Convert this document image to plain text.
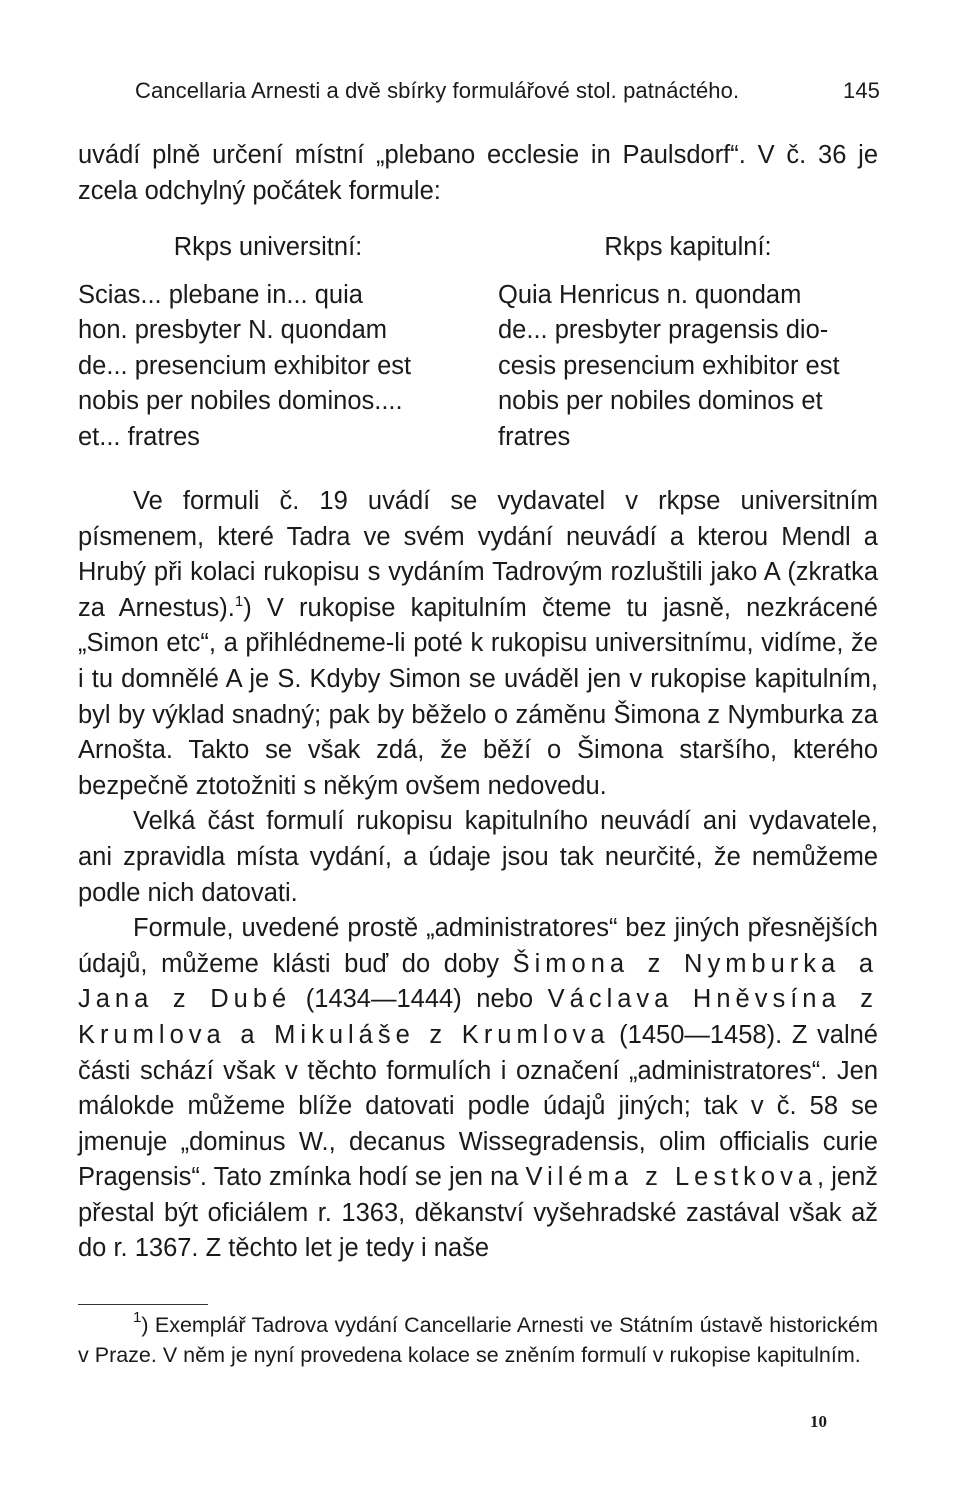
Cancellaria Arnesti a dvě sbírky formulářové stol. patnáctého.	145
uvádí plně určení místní „plebano ecclesie in Paulsdorf“. V č. 36 je zcela odchylný počátek formule:
Rkps universitní:
Scias... plebane in... quia
hon. presbyter N. quondam
de... presencium exhibitor est
nobis per nobiles dominos....
et... fratres
Rkps kapitulní:
Quia Henricus n. quondam
de... presbyter pragensis dio-
cesis presencium exhibitor est
nobis per nobiles dominos et
fratres

Ve formuli č. 19 uvádí se vydavatel v rkpse universitním písmenem, které Tadra ve svém vydání neuvádí a kterou Mendl a Hrubý při kolaci rukopisu s vydáním Tadrovým rozluštili jako A (zkratka za Arnestus).$^1$) V rukopise kapitulním čteme tu jasně, nezkrácené „Simon etc“, a přihlédneme-li poté k rukopisu universitnímu, vidíme, že i tu domnělé A je S. Kdyby Simon se uváděl jen v rukopise kapitulním, byl by výklad snadný; pak by běželo o záměnu Šimona z Nymburka za Arnošta. Takto se však zdá, že běží o Šimona staršího, kterého bezpečně ztotožniti s někým ovšem nedovedu.

Velká část formulí rukopisu kapitulního neuvádí ani vydavatele, ani zpravidla místa vydání, a údaje jsou tak neurčité, že nemůžeme podle nich datovati.

Formule, uvedené prostě „administratores“ bez jiných přesnějších údajů, můžeme klásti buď do doby Šimona z Nymburka a Jana z Dubé (1434—1444) nebo Václava Hněvsína z Krumlova a Mikuláše z Krumlova (1450—1458). Z valné části schází však v těchto formulích i označení „administratores“. Jen málokde můžeme blíže datovati podle údajů jiných; tak v č. 58 se jmenuje „dominus W., decanus Wissegradensis, olim officialis curie Pragensis“. Tato zmínka hodí se jen na Viléma z Lestkova, jenž přestal být oficiálem r. 1363, děkanství vyšehradské zastával však až do r. 1367. Z těchto let je tedy i naše

$^1$) Exemplář Tadrova vydání Cancellarie Arnesti ve Státním ústavě historickém v Praze. V něm je nyní provedena kolace se zněním formulí v rukopise kapitulním.

10
